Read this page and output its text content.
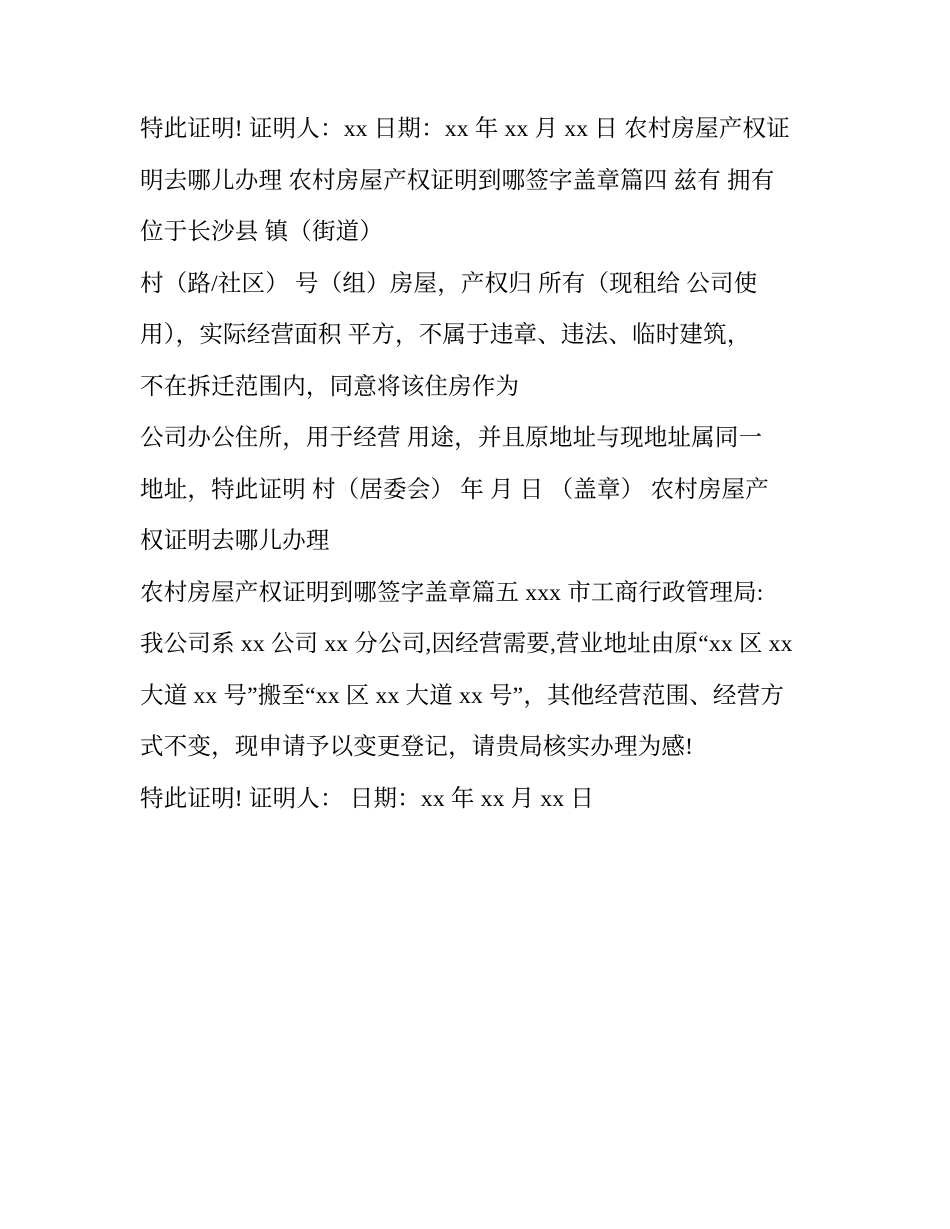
特此证明! 证明人：xx 日期：xx 年 xx 月 xx 日 农村房屋产权证
明去哪儿办理 农村房屋产权证明到哪签字盖章篇四 兹有 拥有
位于长沙县 镇（街道）
村（路/社区） 号（组）房屋，产权归 所有（现租给 公司使
用），实际经营面积 平方，不属于违章、违法、临时建筑，
不在拆迁范围内，同意将该住房作为
公司办公住所，用于经营 用途，并且原地址与现地址属同一
地址，特此证明 村（居委会） 年 月 日 （盖章） 农村房屋产
权证明去哪儿办理
农村房屋产权证明到哪签字盖章篇五 xxx 市工商行政管理局:
我公司系 xx 公司 xx 分公司,因经营需要,营业地址由原“xx 区 xx
大道 xx 号”搬至“xx 区 xx 大道 xx 号”，其他经营范围、经营方
式不变，现申请予以变更登记，请贵局核实办理为感!
特此证明! 证明人： 日期：xx 年 xx 月 xx 日
